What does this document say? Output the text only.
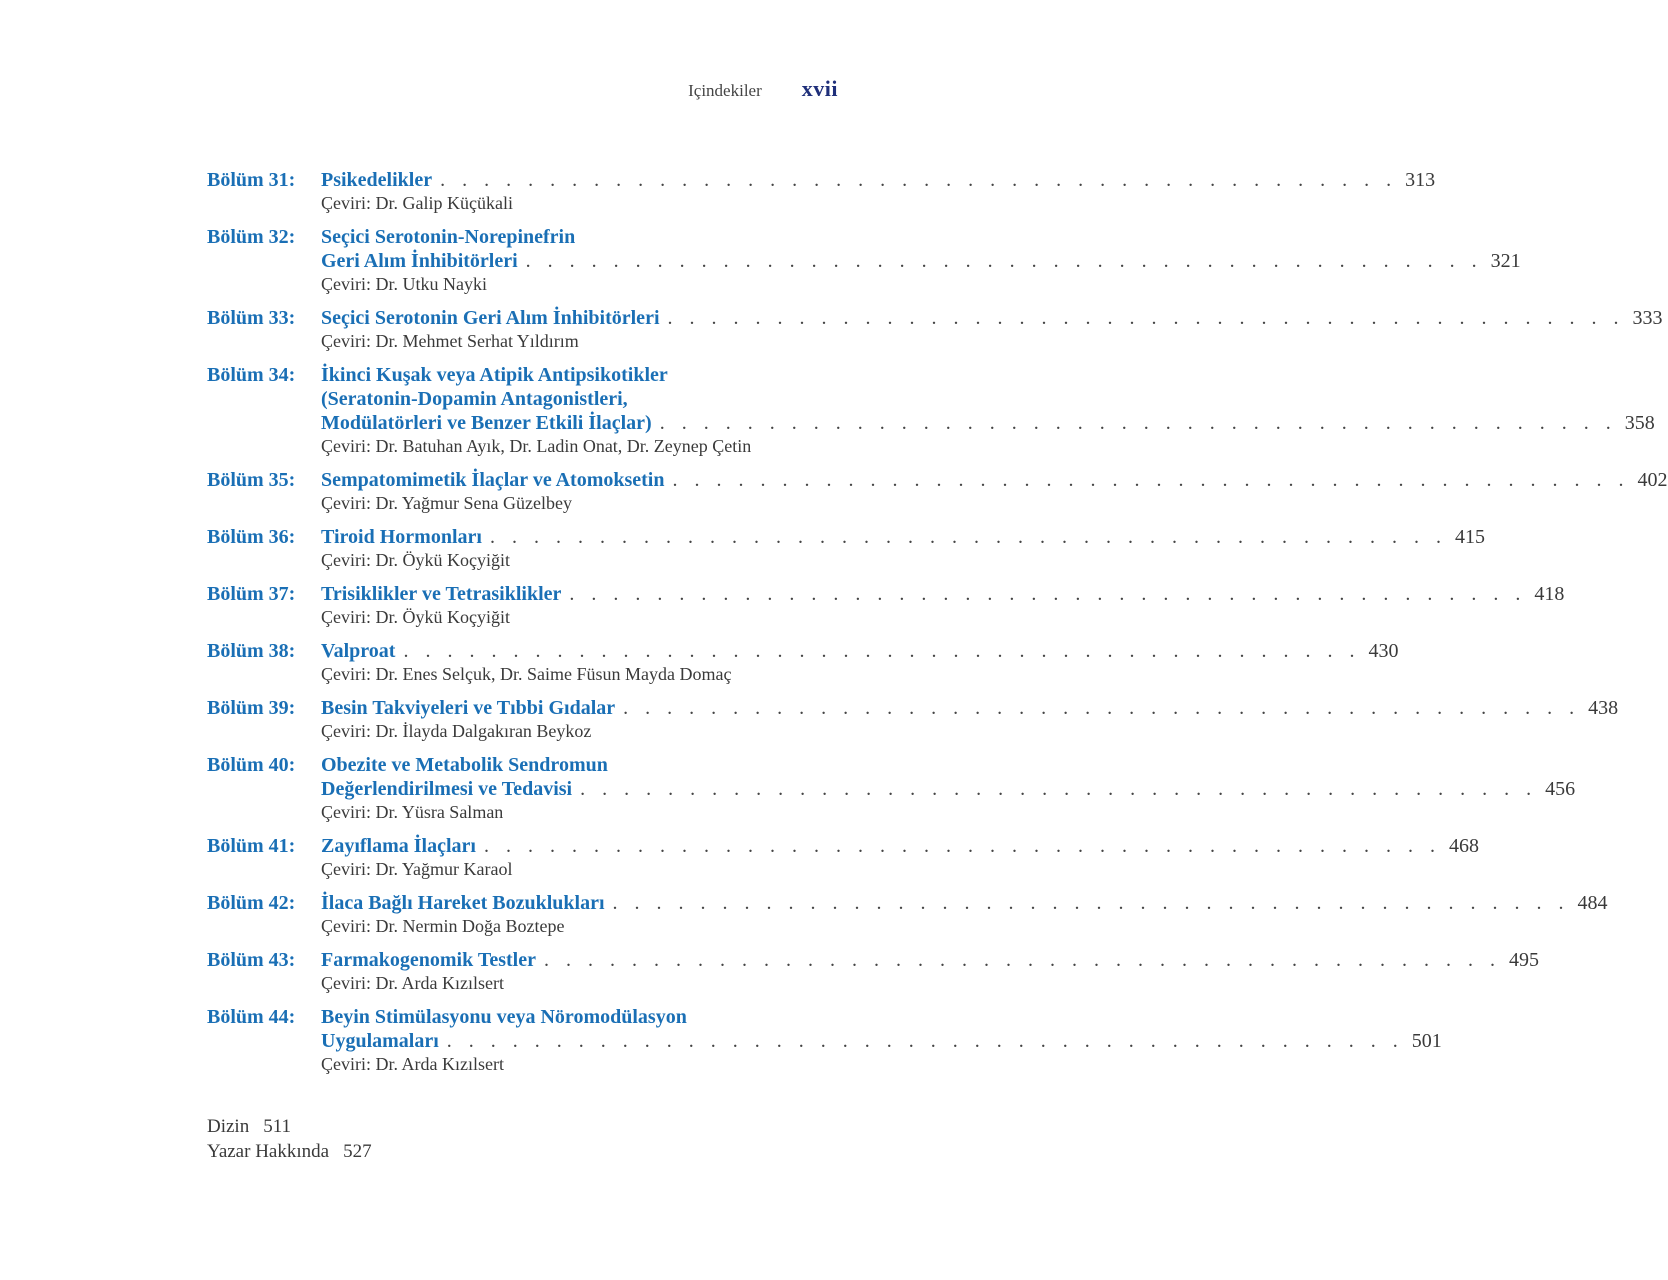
Içindekiler xvii
Bölüm 31:	Psikedelikler . . . . . . . . . . . . . . . . . . . . . . . . . . . . . . . . . . . . . . . . . . . . 313
Çeviri: Dr. Galip Küçükali
Bölüm 32:	Seçici Serotonin-Norepinefrin
Geri Alım İnhibitörleri . . . . . . . . . . . . . . . . . . . . . . . . . . . . . . . . . . . . . . . . . . . . 321
Çeviri: Dr. Utku Nayki
Bölüm 33:	Seçici Serotonin Geri Alım İnhibitörleri . . . . . . . . . . . . . . . . . . . . . . . . . . . . . . . . . . . . . . . . . . . . 333
Çeviri: Dr. Mehmet Serhat Yıldırım
Bölüm 34:	İkinci Kuşak veya Atipik Antipsikotikler
(Seratonin-Dopamin Antagonistleri,
Modülatörleri ve Benzer Etkili İlaçlar) . . . . . . . . . . . . . . . . . . . . . . . . . . . . . . . . . . . . . . . . . . . . 358
Çeviri: Dr. Batuhan Ayık, Dr. Ladin Onat, Dr. Zeynep Çetin
Bölüm 35:	Sempatomimetik İlaçlar ve Atomoksetin . . . . . . . . . . . . . . . . . . . . . . . . . . . . . . . . . . . . . . . . . . . . 402
Çeviri: Dr. Yağmur Sena Güzelbey
Bölüm 36:	Tiroid Hormonları . . . . . . . . . . . . . . . . . . . . . . . . . . . . . . . . . . . . . . . . . . . . 415
Çeviri: Dr. Öykü Koçyiğit
Bölüm 37:	Trisiklikler ve Tetrasiklikler . . . . . . . . . . . . . . . . . . . . . . . . . . . . . . . . . . . . . . . . . . . . 418
Çeviri: Dr. Öykü Koçyiğit
Bölüm 38:	Valproat . . . . . . . . . . . . . . . . . . . . . . . . . . . . . . . . . . . . . . . . . . . . 430
Çeviri: Dr. Enes Selçuk, Dr. Saime Füsun Mayda Domaç
Bölüm 39:	Besin Takviyeleri ve Tıbbi Gıdalar . . . . . . . . . . . . . . . . . . . . . . . . . . . . . . . . . . . . . . . . . . . . 438
Çeviri: Dr. İlayda Dalgakıran Beykoz
Bölüm 40:	Obezite ve Metabolik Sendromun
Değerlendirilmesi ve Tedavisi . . . . . . . . . . . . . . . . . . . . . . . . . . . . . . . . . . . . . . . . . . . . 456
Çeviri: Dr. Yüsra Salman
Bölüm 41:	Zayıflama İlaçları . . . . . . . . . . . . . . . . . . . . . . . . . . . . . . . . . . . . . . . . . . . . 468
Çeviri: Dr. Yağmur Karaol
Bölüm 42:	İlaca Bağlı Hareket Bozuklukları . . . . . . . . . . . . . . . . . . . . . . . . . . . . . . . . . . . . . . . . . . . . 484
Çeviri: Dr. Nermin Doğa Boztepe
Bölüm 43:	Farmakogenomik Testler . . . . . . . . . . . . . . . . . . . . . . . . . . . . . . . . . . . . . . . . . . . . 495
Çeviri: Dr. Arda Kızılsert
Bölüm 44:	Beyin Stimülasyonu veya Nöromodülasyon
Uygulamaları . . . . . . . . . . . . . . . . . . . . . . . . . . . . . . . . . . . . . . . . . . . . 501
Çeviri: Dr. Arda Kızılsert
Dizin 511
Yazar Hakkında 527
